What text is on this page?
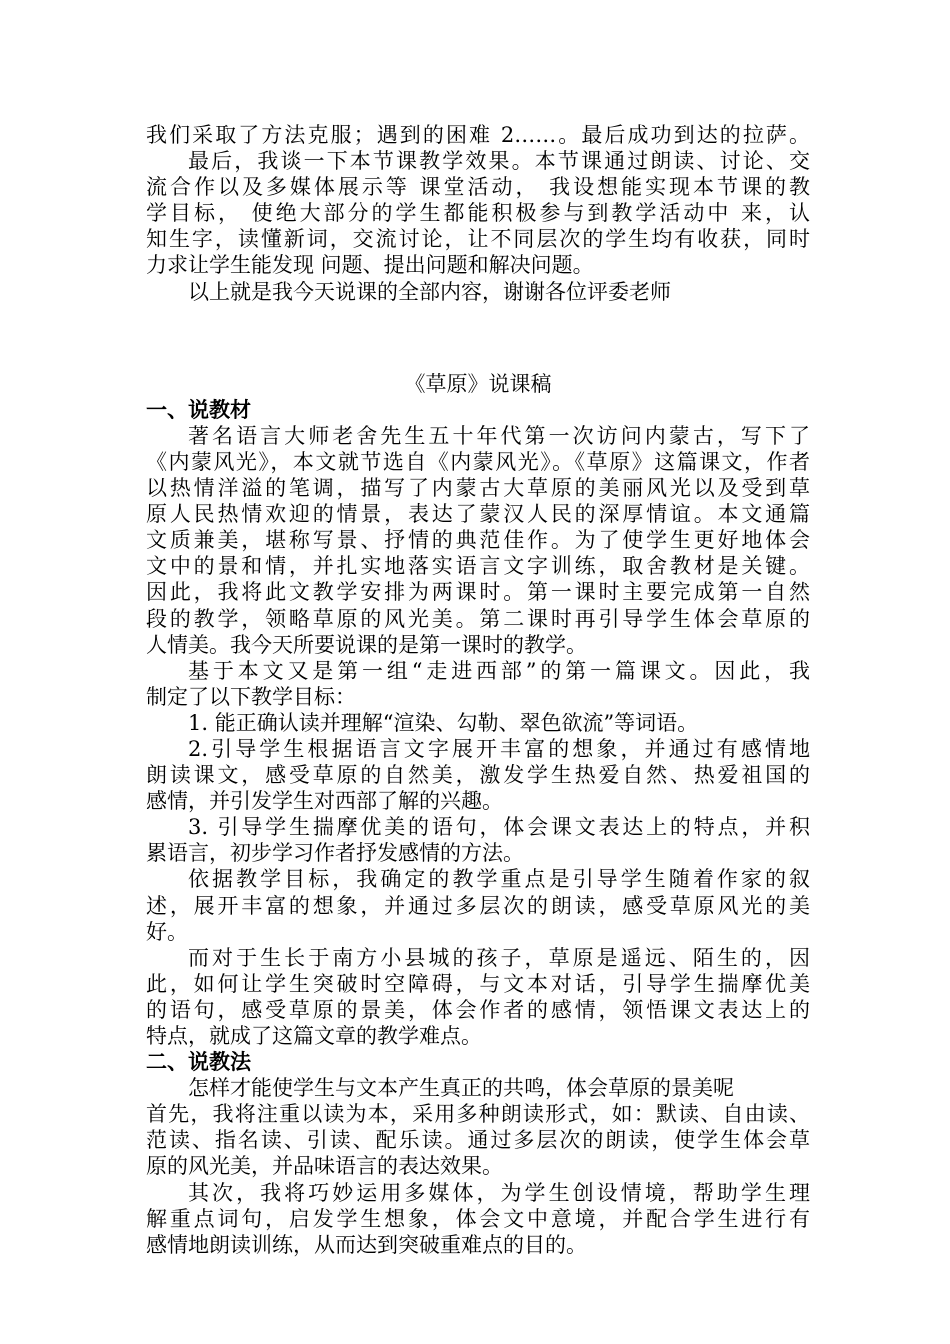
我们采取了方法克服；遇到的困难 2……。最后成功到达的拉萨。
最后，我谈一下本节课教学效果。本节课通过朗读、讨论、交
流合作以及多媒体展示等 课堂活动， 我设想能实现本节课的教
学目标， 使绝大部分的学生都能积极参与到教学活动中 来，认
知生字，读懂新词，交流讨论，让不同层次的学生均有收获，同时
力求让学生能发现 问题、提出问题和解决问题。
以上就是我今天说课的全部内容，谢谢各位评委老师
《草原》说课稿
一、说教材
著名语言大师老舍先生五十年代第一次访问内蒙古，写下了
《内蒙风光》，本文就节选自《内蒙风光》。《草原》这篇课文，作者
以热情洋溢的笔调，描写了内蒙古大草原的美丽风光以及受到草
原人民热情欢迎的情景，表达了蒙汉人民的深厚情谊。本文通篇
文质兼美，堪称写景、抒情的典范佳作。为了使学生更好地体会
文中的景和情，并扎实地落实语言文字训练，取舍教材是关键。
因此，我将此文教学安排为两课时。第一课时主要完成第一自然
段的教学，领略草原的风光美。第二课时再引导学生体会草原的
人情美。我今天所要说课的是第一课时的教学。
基于本文又是第一组“走进西部”的第一篇课文。因此，我
制定了以下教学目标：
1. 能正确认读并理解“渲染、勾勒、翠色欲流”等词语。
2.引导学生根据语言文字展开丰富的想象，并通过有感情地
朗读课文，感受草原的自然美，激发学生热爱自然、热爱祖国的
感情，并引发学生对西部了解的兴趣。
3. 引导学生揣摩优美的语句，体会课文表达上的特点，并积
累语言，初步学习作者抒发感情的方法。
依据教学目标，我确定的教学重点是引导学生随着作家的叙
述，展开丰富的想象，并通过多层次的朗读，感受草原风光的美
好。
而对于生长于南方小县城的孩子，草原是遥远、陌生的，因
此，如何让学生突破时空障碍，与文本对话，引导学生揣摩优美
的语句，感受草原的景美，体会作者的感情，领悟课文表达上的
特点，就成了这篇文章的教学难点。
二、说教法
怎样才能使学生与文本产生真正的共鸣，体会草原的景美呢
首先，我将注重以读为本，采用多种朗读形式，如：默读、自由读、
范读、指名读、引读、配乐读。通过多层次的朗读，使学生体会草
原的风光美，并品味语言的表达效果。
其次，我将巧妙运用多媒体，为学生创设情境，帮助学生理
解重点词句，启发学生想象，体会文中意境，并配合学生进行有
感情地朗读训练，从而达到突破重难点的目的。
